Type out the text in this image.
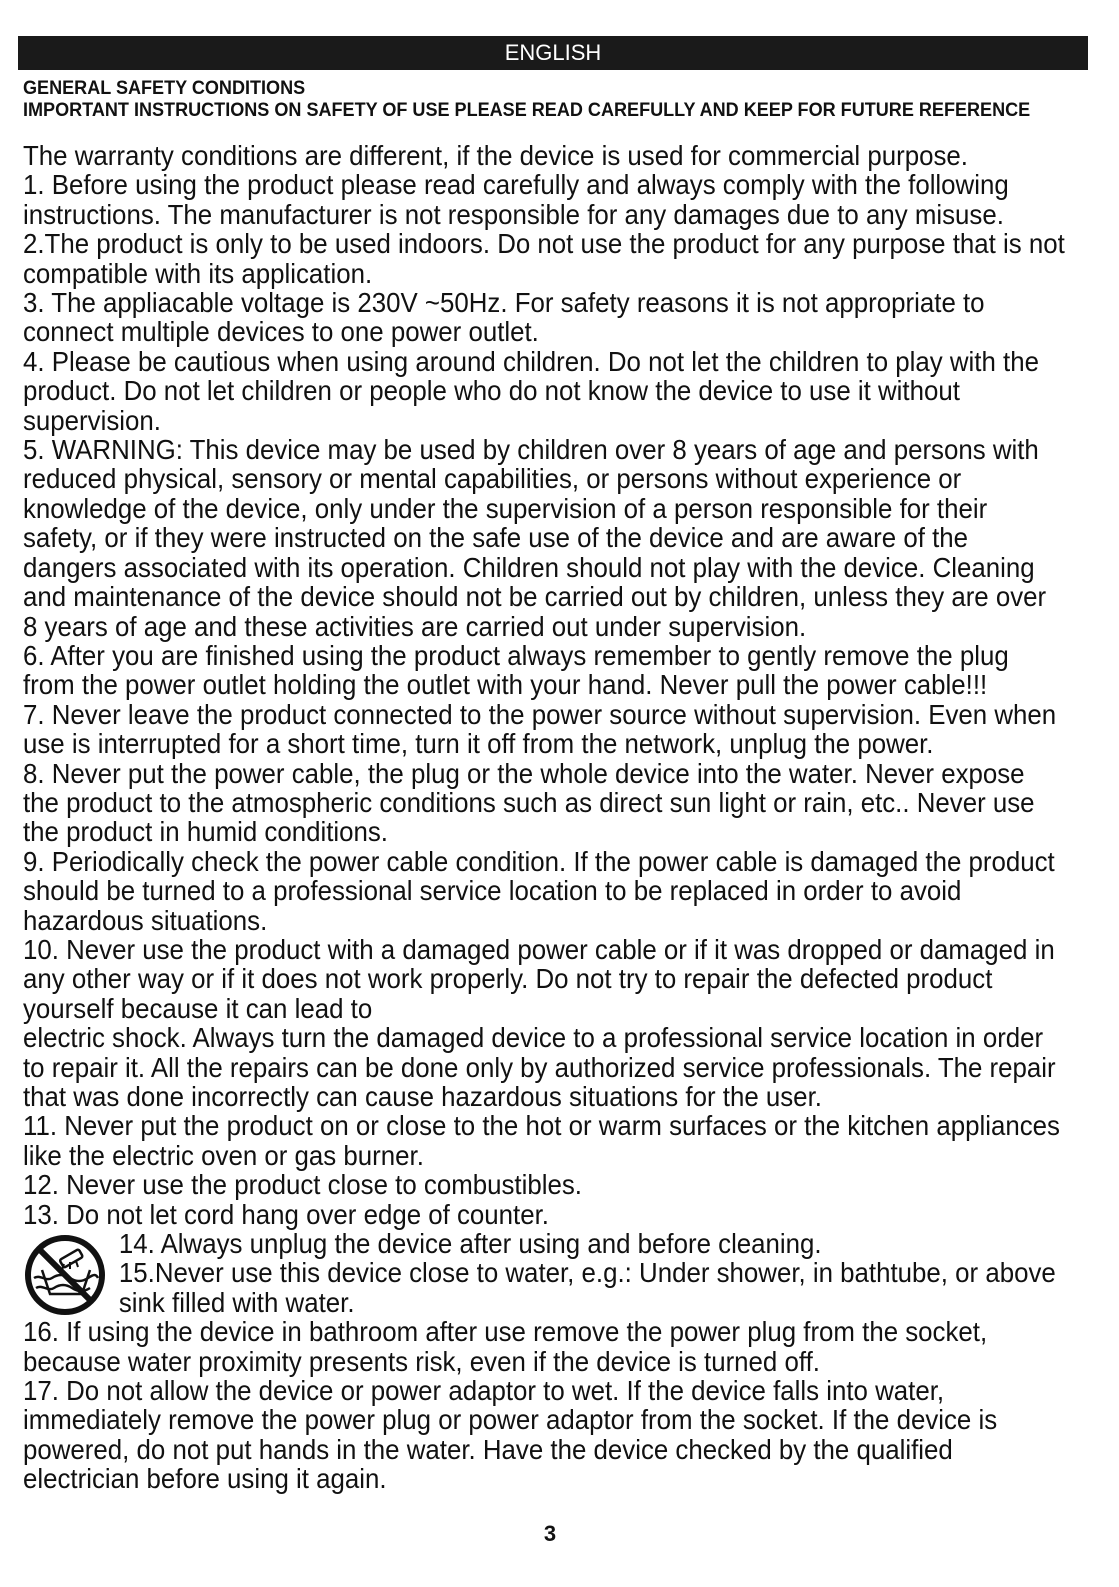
ENGLISH
GENERAL SAFETY CONDITIONS
IMPORTANT INSTRUCTIONS ON SAFETY OF USE PLEASE READ CAREFULLY AND KEEP FOR FUTURE REFERENCE

The warranty conditions are different, if the device is used for commercial purpose.

1. Before using the product please read carefully and always comply with the following instructions. The manufacturer is not responsible for any damages due to any misuse.

2.The product is only to be used indoors. Do not use the product for any purpose that is not compatible with its application.

3. The appliacable voltage is 230V ~50Hz. For safety reasons it is not appropriate to connect multiple devices to one power outlet.

4. Please be cautious when using around children. Do not let the children to play with the product. Do not let children or people who do not know the device to use it without supervision.

5. WARNING: This device may be used by children over 8 years of age and persons with reduced physical, sensory or mental capabilities, or persons without experience or knowledge of the device, only under the supervision of a person responsible for their safety, or if they were instructed on the safe use of the device and are aware of the dangers associated with its operation. Children should not play with the device. Cleaning and maintenance of the device should not be carried out by children, unless they are over 8 years of age and these activities are carried out under supervision.

6. After you are finished using the product always remember to gently remove the plug from the power outlet holding the outlet with your hand. Never pull the power cable!!!

7. Never leave the product connected to the power source without supervision. Even when use is interrupted for a short time, turn it off from the network, unplug the power.

8. Never put the power cable, the plug or the whole device into the water. Never expose the product to the atmospheric conditions such as direct sun light or rain, etc.. Never use the product in humid conditions.

9. Periodically check the power cable condition. If the power cable is damaged the product should be turned to a professional service location to be replaced in order to avoid hazardous situations.

10. Never use the product with a damaged power cable or if it was dropped or damaged in any other way or if it does not work properly. Do not try to repair the defected product yourself because it can lead to

electric shock. Always turn the damaged device to a professional service location in order to repair it. All the repairs can be done only by authorized service professionals. The repair that was done incorrectly can cause hazardous situations for the user.

11. Never put the product on or close to the hot or warm surfaces or the kitchen appliances like the electric oven or gas burner.

12. Never use the product close to combustibles.

13. Do not let cord hang over edge of counter.

14. Always unplug the device after using and before cleaning.

15.Never use this device close to water, e.g.: Under shower, in bathtube, or above sink filled with water.

16. If using the device in bathroom after use remove the power plug from the socket, because water proximity presents risk, even if the device is turned off.

17. Do not allow the device or power adaptor to wet. If the device falls into water, immediately remove the power plug or power adaptor from the socket. If the device is powered, do not put hands in the water. Have the device checked by the qualified electrician before using it again.

3
